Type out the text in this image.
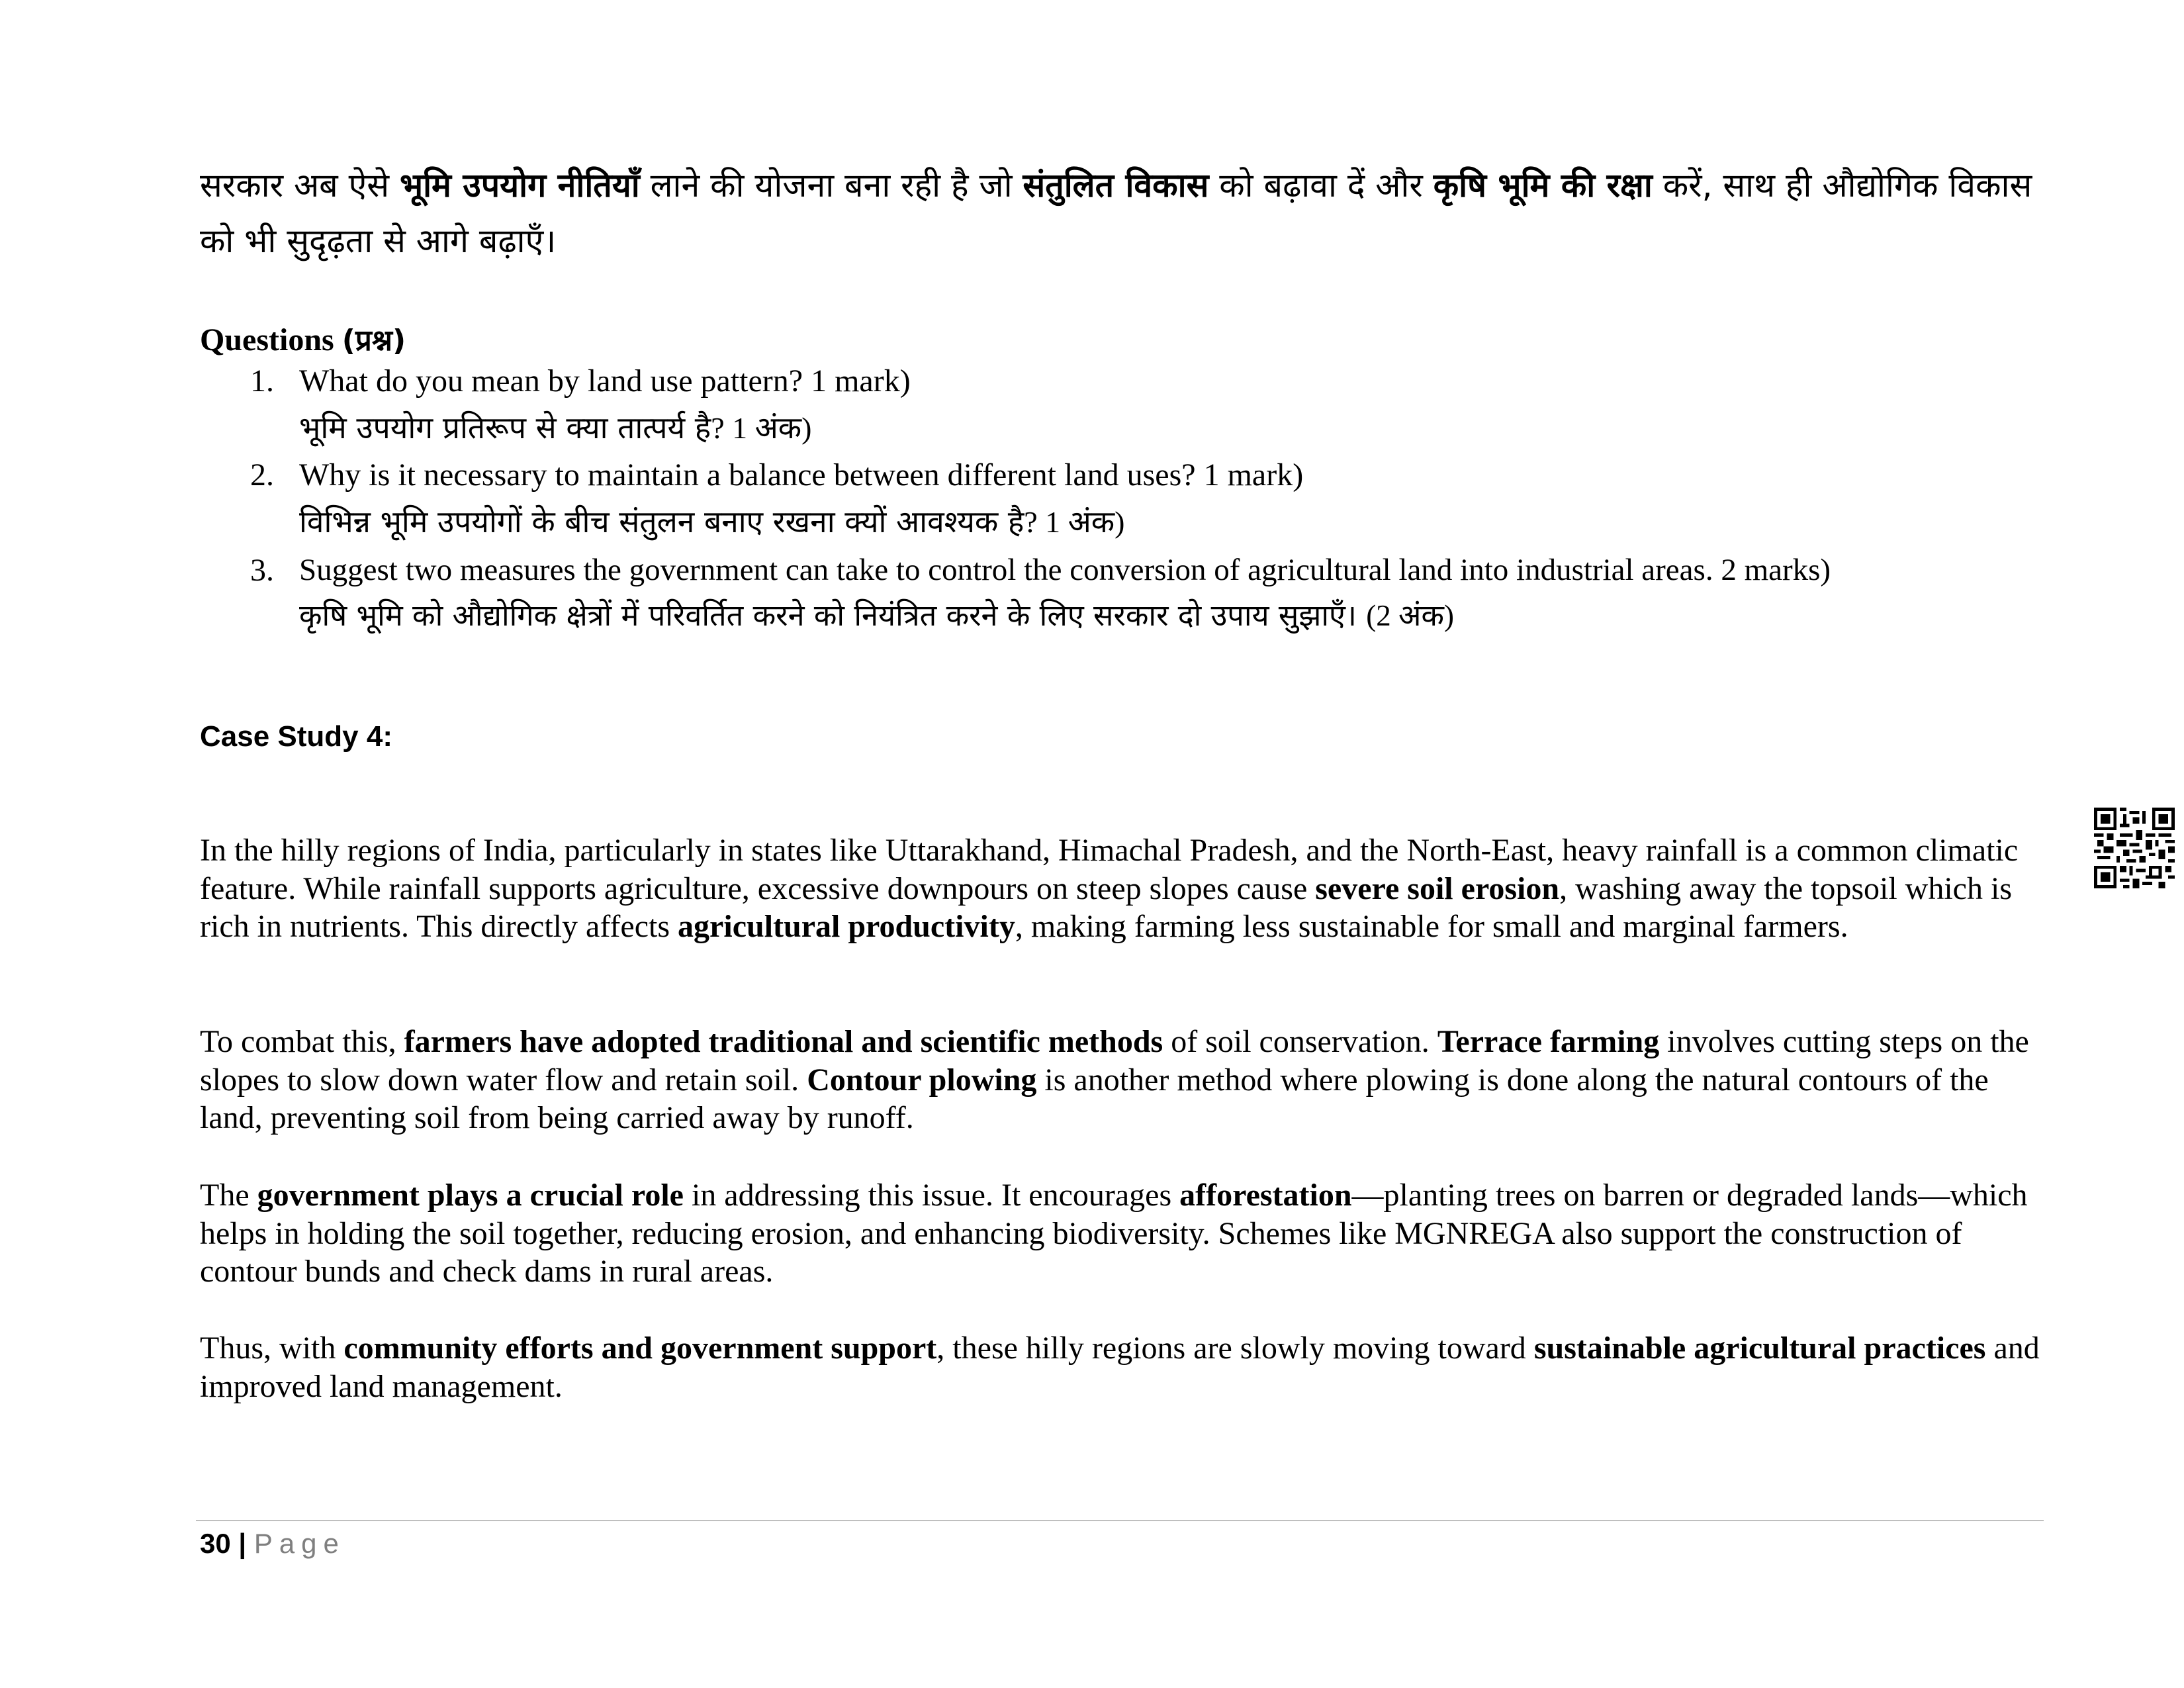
सरकार अब ऐसे भूमि उपयोग नीतियाँ लाने की योजना बना रही है जो संतुलित विकास को बढ़ावा दें और कृषि भूमि की रक्षा करें, साथ ही औद्योगिक विकास को भी सुदृढ़ता से आगे बढ़ाएँ।
Questions (प्रश्न)
1. What do you mean by land use pattern? 1 mark)
भूमि उपयोग प्रतिरूप से क्या तात्पर्य है? 1 अंक)
2. Why is it necessary to maintain a balance between different land uses? 1 mark)
विभिन्न भूमि उपयोगों के बीच संतुलन बनाए रखना क्यों आवश्यक है? 1 अंक)
3. Suggest two measures the government can take to control the conversion of agricultural land into industrial areas. 2 marks)
कृषि भूमि को औद्योगिक क्षेत्रों में परिवर्तित करने को नियंत्रित करने के लिए सरकार दो उपाय सुझाएँ। (2 अंक)
Case Study 4:
In the hilly regions of India, particularly in states like Uttarakhand, Himachal Pradesh, and the North-East, heavy rainfall is a common climatic feature. While rainfall supports agriculture, excessive downpours on steep slopes cause severe soil erosion, washing away the topsoil which is rich in nutrients. This directly affects agricultural productivity, making farming less sustainable for small and marginal farmers.
To combat this, farmers have adopted traditional and scientific methods of soil conservation. Terrace farming involves cutting steps on the slopes to slow down water flow and retain soil. Contour plowing is another method where plowing is done along the natural contours of the land, preventing soil from being carried away by runoff.
The government plays a crucial role in addressing this issue. It encourages afforestation—planting trees on barren or degraded lands—which helps in holding the soil together, reducing erosion, and enhancing biodiversity. Schemes like MGNREGA also support the construction of contour bunds and check dams in rural areas.
Thus, with community efforts and government support, these hilly regions are slowly moving toward sustainable agricultural practices and improved land management.
30 | Page
